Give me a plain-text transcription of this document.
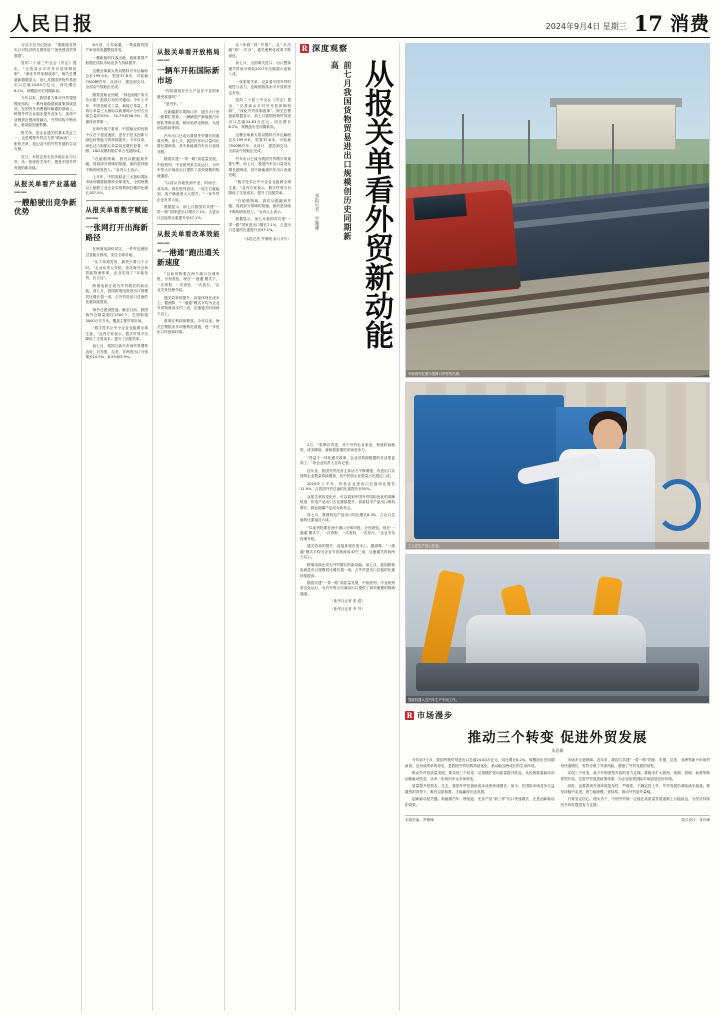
人民日报	2024年9月4日 星期三 17 消费

习近平总书记指出：“要继续发挥出口对经济的支撑作用”“加快建设贸易强国”。

党的二十届三中全会《决定》提出，“完善高水平对外开放体制机制”，“深化外贸体制改革”。海关总署最新数据显示，前七月我国货物贸易进出口总值24.83万亿元，同比增长6.2%，规模创历史同期新高。

今年以来，我国着力推动外贸提规模优结构，一系列促稳提质政策持续显效，在国内外消费循环畅通的基础上，跨国外贸企业稳步提升竞争力，加快产业链供应链深度融合，外贸结构不断优化，新动能加速集聚。

报关单，是企业通关的基本凭证之一，也是观察外贸活力的“晴雨表”。一张张关单，是记录中国外贸发展的生动写照。

近日，本报记者走访多地企业与口岸，从一张张报关单中，感受中国外贸发展的新动能。

从报关单看产业基础——
一艘船驶出竞争新优势

8月初，江苏南通，一集装箱的国产家用机电器整装待发。

一艘新船的代客出港，意味着国产船舶在国际市场竞争力持续提升。

这艘全球最大的双燃料汽车运输船总长199.9米，型宽37.6米，可装载7000辆汽车。从设计、建造到交付，全部由中国船企完成。

随着造船业回暖，“绿色船舶”成为各大船厂抢抓订单的关键词。今年上半年，中国造船完工量、新接订单量、手持订单量三大指标以载重吨计分别占全球总量的55%、74.7%和56.9%，均保持世界第一。

在海外客户看来，中国船企的优势不仅在于建造速度，更在于技术创新与绿色转型能力的持续提升。今年以来，绿色动力船舶订单量同比增长显著，甲醇、LNG双燃料船订单占比超四成。

“在船舶领域，我们从跟跑到并跑，再到部分领域的领跑，靠的是持续不断的研发投入。”业内人士表示。

上半年，中国造船业三大指标国际市场份额继续保持全球领先，全国规模以上船舶工业企业实现利润总额同比增长187.5%。

从报关单看数字赋能——
一张网打开出海新路径

在跨境电商综试区，一件件包裹经过智能分拣线，发往全球各地。

“从下单到发货，最快只要几个小时。”企业负责人介绍，依托海外仓和智能物流体系，企业实现了“本地发货、次日达”。

跨境电商正成为外贸增长的新动能。前七月，我国跨境电商进出口规模同比增长超一成，占外贸进出口总值的比重持续提高。

海外仓建设提速。截至目前，我国海外仓数量超过2500个，总面积超3000万平方米，覆盖主要贸易市场。

“数字技术让中小企业也能做全球生意。”业内专家表示，数字贸易平台降低了交易成本，提升了匹配效率。

前七月，我国与新兴市场贸易增势良好，对东盟、拉美、非洲进出口分别增长10.5%、8.5%和5.9%。

从报关单看开放格局——
一辆车开拓国际新市场

“你知道现在什么产品在中亚国家最受欢迎吗？”

“是汽车。”

在新疆霍尔果斯口岸，通关大厅里一派繁忙景象。一辆辆国产新能源汽车排队等候出境，驶向哈萨克斯坦、乌兹别克斯坦等国。

汽车出口已成为我国外贸增长的重要引擎。前七月，我国汽车出口量同比增长超两成，其中新能源汽车出口表现亮眼。

随着共建“一带一路”高质量发展，中欧班列、中亚班列常态化运行，为汽车等大宗商品出口提供了高效便捷的物流通道。

“以前从内地发到中亚，时间长、成本高。现在班列直达，一周左右就能到，客户满意度大大提升。”一家外贸企业负责人说。

数据显示，前七月我国对共建“一带一路”国家进出口增长7.1%，占进出口总值的比重提升至47.1%。

从报关单看改革效能——
“一港通”跑出通关新速度

“以前货物要在两个港口分别申报、分别查验，现在‘一港通’模式下，一次申报、一次查验、一次放行。”企业关务经理介绍。

通关效率的提升，直接体现在成本上。据测算，“一港通”模式平均为企业节省物流成本约三成，压缩通关时间两天以上。

改革红利持续释放。今年以来，海关总署推出多项便利化措施，进一步优化口岸营商环境。

从“串联”到“并联”，从“多次跑”到“一次办”，通关便利化改革不断深化。

前七月，全国海关进口、出口整体通关时间分别较2017年压缩超六成和八成。

一张张报关单，记录着中国外贸的韧性与活力，也映照着高水平开放的坚定步伐。

党的二十届三中全会《决定》提出，“完善高水平对外开放体制机制”，“深化外贸体制改革”。海关总署最新数据显示，前七月我国货物贸易进出口总值24.83万亿元，同比增长6.2%，规模创历史同期新高。

这艘全球最大的双燃料汽车运输船总长199.9米，型宽37.6米，可装载7000辆汽车。从设计、建造到交付，全部由中国船企完成。

汽车出口已成为我国外贸增长的重要引擎。前七月，我国汽车出口量同比增长超两成，其中新能源汽车出口表现亮眼。

“数字技术让中小企业也能做全球生意。”业内专家表示，数字贸易平台降低了交易成本，提升了匹配效率。

“在船舶领域，我们从跟跑到并跑，再到部分领域的领跑，靠的是持续不断的研发投入。”业内人士表示。

数据显示，前七月我国对共建“一带一路”国家进出口增长7.1%，占进出口总值的比重提升至47.1%。

（本报记者 罗珊珊 参与采写）
R 深度观察
从报关单看外贸新动能
前七月我国货物贸易进出口规模创历史同期新高
本报记者 罗珊珊

2万，“张辉自责述，对于外贸企业来说，物流时间缩短、成本降低，意味着更强的市场竞争力。

“得益于一体化通关改革，企业对资源配置的灵活度更高了。”该企业负责人告诉记者。

近年来，我国外贸经营主体活力不断增强，有进出口实绩的企业数量持续增加，其中民营企业数量占比超过八成。

2024年上半年，民营企业进出口总值同比增长11.9%，占我国外贸总值的比重提升至55%。

从报关单的变化中，可以看到中国外贸结构优化的清晰轨迹：机电产品出口占比继续提升，高新技术产品出口保持增长，绿色低碳产品成为新亮点。

前七月，我国机电产品出口同比增长8.3%，占出口总值的比重接近六成。

“以前货物要在两个港口分别申报、分别查验，现在‘一港通’模式下，一次申报、一次查验、一次放行。”企业关务经理介绍。

通关效率的提升，直接体现在成本上。据测算，“一港通”模式平均为企业节省物流成本约三成，压缩通关时间两天以上。

跨境电商正成为外贸增长的新动能。前七月，我国跨境电商进出口规模同比增长超一成，占外贸进出口总值的比重持续提高。

随着共建“一带一路”高质量发展，中欧班列、中亚班列常态化运行，为汽车等大宗商品出口提供了高效便捷的物流通道。

（新华社记者 张 超）
（新华社记者 李 穹）
中欧班列在霍尔果斯口岸等待出境。
工人在生产线上作业。
智能机器人在汽车生产车间工作。
R 市场漫步
推动三个转变 促进外贸发展
朱思雄

今年前7个月，我国货物贸易进出口总值24.83万亿元，同比增长6.2%，规模创历史同期新高。这份成绩单的背后，是我国外贸结构持续优化、新动能加快成长的生动体现。

推动外贸高质量发展，要实现三个转变：从规模扩张向质量提升转变，从传统要素驱动向创新驱动转变，从单一市场向多元市场转变。

质量提升是根本。过去，我国外贸依靠低成本优势快速增长；如今，在国际市场竞争日益激烈的背景下，唯有以质取胜，才能赢得长远发展。

创新驱动是关键。新能源汽车、锂电池、光伏产品“新三样”出口快速增长，正是创新驱动的成果。

市场多元是保障。近年来，我国与共建“一带一路”国家、东盟、拉美、非洲等新兴市场贸易快速增长，有效分散了外部风险，增强了外贸发展的韧性。

实现三个转变，离不开制度型开放的有力支撑。要稳步扩大规则、规制、管理、标准等制度型开放，完善外贸促进政策体系，为企业拓展国际市场创造良好环境。

同时，也要看到外部环境复杂性、严峻性、不确定性上升，外贸发展仍面临诸多挑战。要坚持稳中求进，着力稳规模、优结构，推动外贸质升量稳。

只要坚定信心、埋头苦干，中国外贸就一定能在高质量发展道路上行稳致远，为经济持续回升向好提供有力支撑。

本版责编：罗珊珊	版式设计：张丹峰
